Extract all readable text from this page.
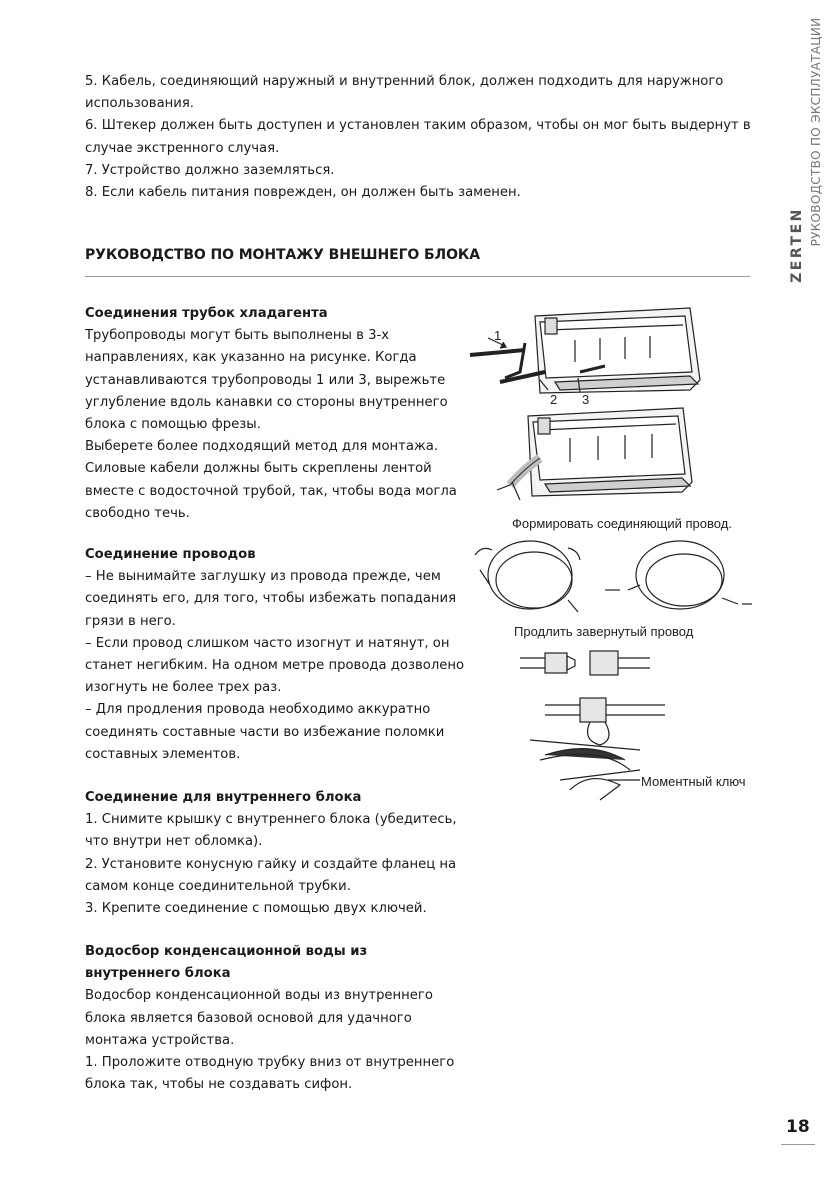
5. Кабель, соединяющий наружный и внутренний блок, должен подходить для наружного использования.

6. Штекер должен быть доступен и установлен таким образом, чтобы он мог быть выдернут в случае экстренного случая.

7. Устройство должно заземляться.

8. Если кабель питания поврежден, он должен быть заменен.

РУКОВОДСТВО ПО МОНТАЖУ ВНЕШНЕГО БЛОКА

Соединения трубок хладагента

Трубопроводы могут быть выполнены в 3-х направлениях, как указанно на рисунке. Когда устанавливаются трубопроводы 1 или 3, вырежьте углубление вдоль канавки со стороны внутреннего блока с помощью фрезы.

Выберете более подходящий метод для монтажа. Силовые кабели должны быть скреплены лентой вместе с водосточной трубой, так, чтобы вода могла свободно течь.

Соединение проводов

– Не вынимайте заглушку из провода прежде, чем соединять его, для того, чтобы избежать попадания грязи в него.

– Если провод слишком часто изогнут и натянут, он станет негибким. На одном метре провода дозволено изогнуть не более трех раз.

– Для продления провода необходимо аккуратно соединять составные части во избежание поломки составных элементов.

Соединение для внутреннего блока

1. Снимите крышку с внутреннего блока (убедитесь, что внутри нет обломка).

2. Установите конусную гайку и создайте фланец на самом конце соединительной трубки.

3. Крепите соединение с помощью двух ключей.

Водосбор конденсационной воды из внутреннего блока

Водосбор конденсационной воды из внутреннего блока является базовой основой для удачного монтажа устройства.

1. Проложите отводную трубку вниз от внутреннего блока так, чтобы не создавать сифон.

1
2 3
Формировать соединяющий провод.
Продлить завернутый провод
Моментный ключ
РУКОВОДСТВО ПО ЭКСПЛУАТАЦИИ
ZERTEN

18
